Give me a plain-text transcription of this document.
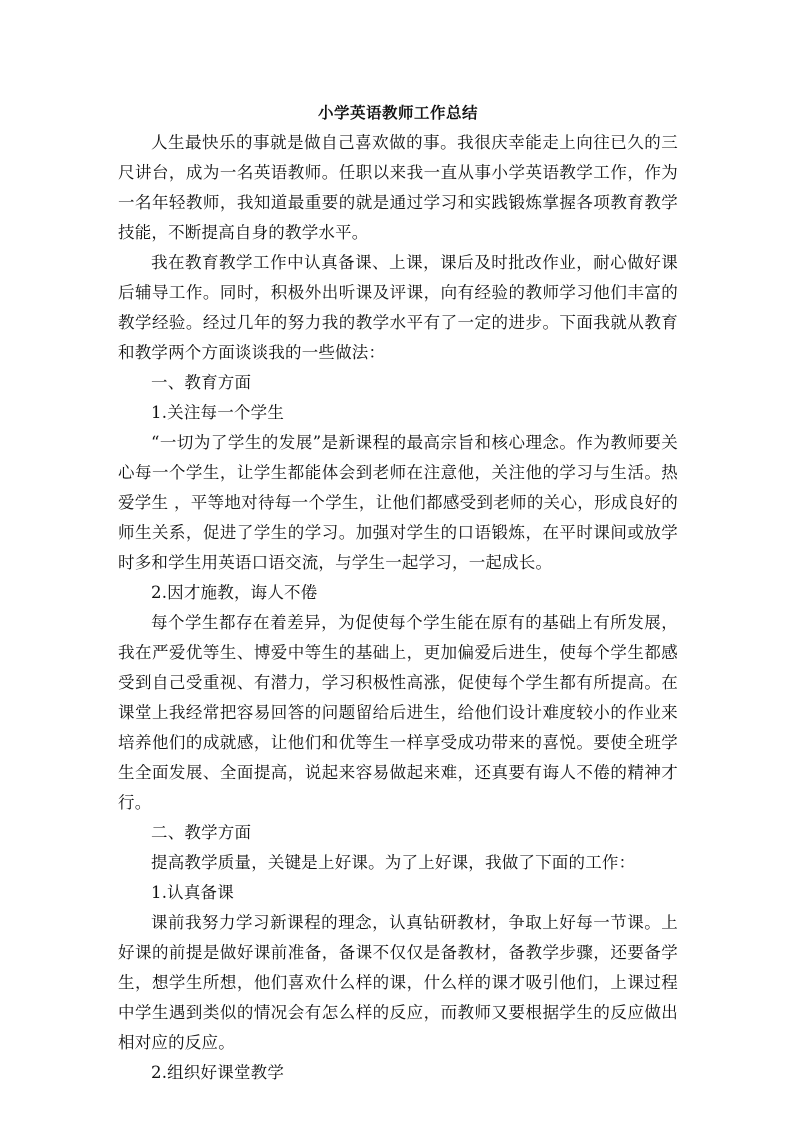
小学英语教师工作总结

人生最快乐的事就是做自己喜欢做的事。我很庆幸能走上向往已久的三尺讲台，成为一名英语教师。任职以来我一直从事小学英语教学工作，作为一名年轻教师，我知道最重要的就是通过学习和实践锻炼掌握各项教育教学技能，不断提高自身的教学水平。

我在教育教学工作中认真备课、上课，课后及时批改作业，耐心做好课后辅导工作。同时，积极外出听课及评课，向有经验的教师学习他们丰富的教学经验。经过几年的努力我的教学水平有了一定的进步。下面我就从教育和教学两个方面谈谈我的一些做法：

一、教育方面

1.关注每一个学生

“一切为了学生的发展”是新课程的最高宗旨和核心理念。作为教师要关心每一个学生，让学生都能体会到老师在注意他，关注他的学习与生活。热爱学生 ，平等地对待每一个学生，让他们都感受到老师的关心，形成良好的师生关系，促进了学生的学习。加强对学生的口语锻炼，在平时课间或放学时多和学生用英语口语交流，与学生一起学习，一起成长。

2.因才施教，诲人不倦

每个学生都存在着差异，为促使每个学生能在原有的基础上有所发展，我在严爱优等生、博爱中等生的基础上，更加偏爱后进生，使每个学生都感受到自己受重视、有潜力，学习积极性高涨，促使每个学生都有所提高。在课堂上我经常把容易回答的问题留给后进生，给他们设计难度较小的作业来培养他们的成就感，让他们和优等生一样享受成功带来的喜悦。要使全班学生全面发展、全面提高，说起来容易做起来难，还真要有诲人不倦的精神才行。

二、教学方面

提高教学质量，关键是上好课。为了上好课，我做了下面的工作：

1.认真备课

课前我努力学习新课程的理念，认真钻研教材，争取上好每一节课。上好课的前提是做好课前准备，备课不仅仅是备教材，备教学步骤，还要备学生，想学生所想，他们喜欢什么样的课，什么样的课才吸引他们，上课过程中学生遇到类似的情况会有怎么样的反应，而教师又要根据学生的反应做出相对应的反应。

2.组织好课堂教学
